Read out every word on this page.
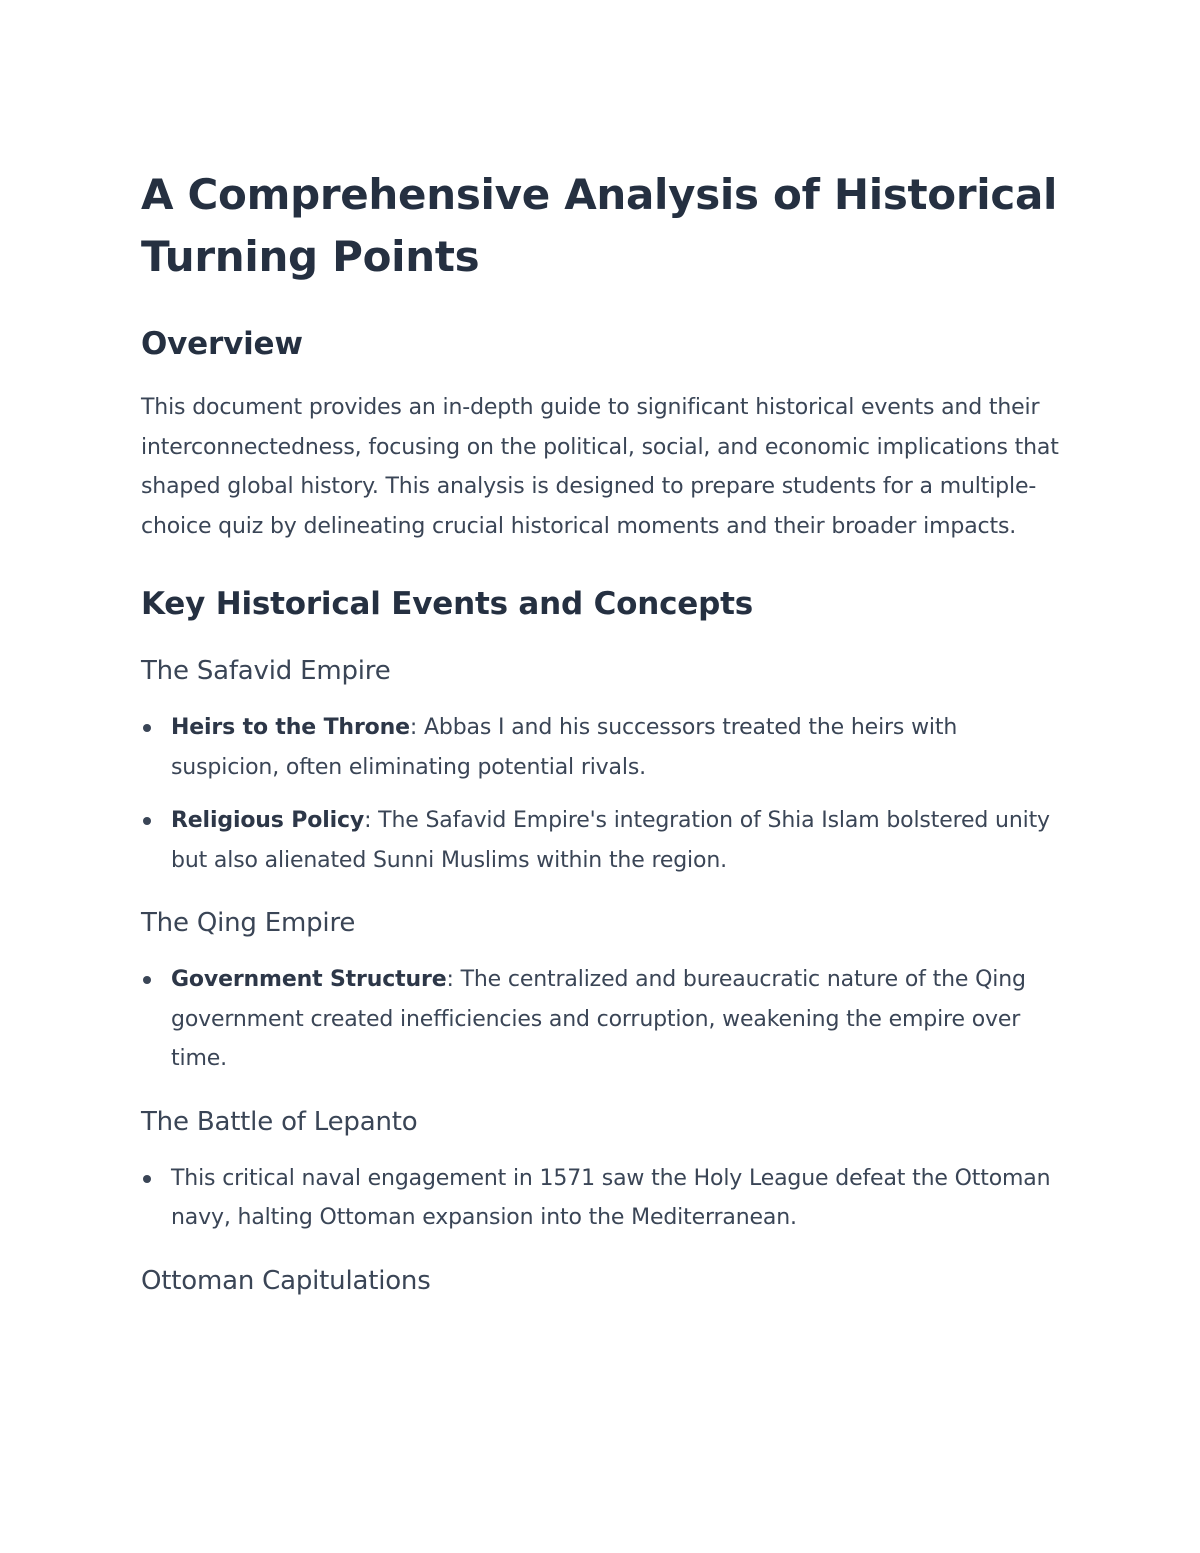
A Comprehensive Analysis of Historical Turning Points
Overview

This document provides an in-depth guide to significant historical events and their interconnectedness, focusing on the political, social, and economic implications that shaped global history. This analysis is designed to prepare students for a multiple-choice quiz by delineating crucial historical moments and their broader impacts.

Key Historical Events and Concepts
The Safavid Empire
Heirs to the Throne: Abbas I and his successors treated the heirs with suspicion, often eliminating potential rivals.
Religious Policy: The Safavid Empire's integration of Shia Islam bolstered unity but also alienated Sunni Muslims within the region.
The Qing Empire
Government Structure: The centralized and bureaucratic nature of the Qing government created inefficiencies and corruption, weakening the empire over time.
The Battle of Lepanto
This critical naval engagement in 1571 saw the Holy League defeat the Ottoman navy, halting Ottoman expansion into the Mediterranean.
Ottoman Capitulations
